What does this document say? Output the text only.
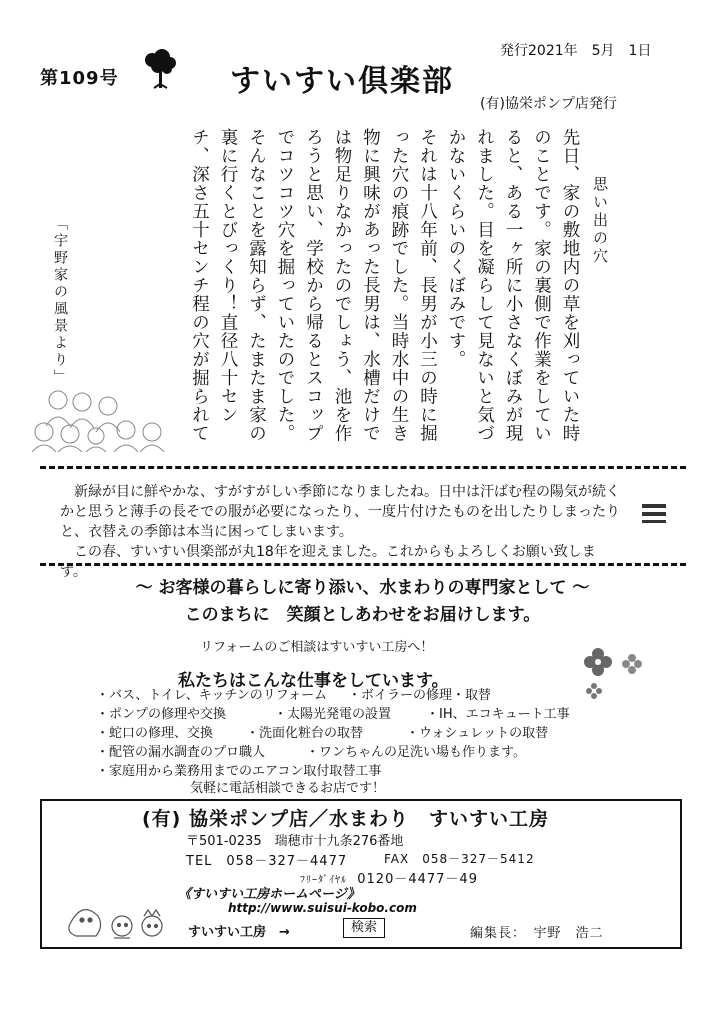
第109号	すいすい倶楽部
発行2021年　5月　1日
(有)協栄ポンプ店発行
思い出の穴

先日、家の敷地内の草を刈っていた時のことです。家の裏側で作業をしていると、ある一ヶ所に小さなくぼみが現れました。目を凝らして見ないと気づかないくらいのくぼみです。

それは十八年前、長男が小三の時に掘った穴の痕跡でした。当時水中の生き物に興味があった長男は、水槽だけでは物足りなかったのでしょう、池を作ろうと思い、学校から帰るとスコップでコツコツ穴を掘っていたのでした。

そんなことを露知らず、たまたま家の裏に行くとびっくり！直径八十センチ、深さ五十センチ程の穴が掘られて

「宇野家の風景より」

新緑が目に鮮やかな、すがすがしい季節になりましたね。日中は汗ばむ程の陽気が続くかと思うと薄手の長そでの服が必要になったり、一度片付けたものを出したりしまったりと、衣替えの季節は本当に困ってしまいます。

この春、すいすい倶楽部が丸18年を迎えました。これからもよろしくお願い致します。

～ お客様の暮らしに寄り添い、水まわりの専門家として ～
このまちに　笑顔としあわせをお届けします。
リフォームのご相談はすいすい工房へ！
私たちはこんな仕事をしています。
・バス、トイレ、キッチンのリフォーム ・ボイラーの修理・取替
・ポンプの修理や交換	・太陽光発電の設置	・IH、エコキュート工事
・蛇口の修理、交換	・洗面化粧台の取替	・ウォシュレットの取替
・配管の漏水調査のプロ職人	・ワンちゃんの足洗い場も作ります。
・家庭用から業務用までのエアコン取付取替工事
気軽に電話相談できるお店です！
(有) 協栄ポンプ店／水まわり　すいすい工房
〒501-0235　瑞穂市十九条276番地
TEL　058－327－4477	FAX　058－327－5412
ﾌﾘｰﾀﾞｲﾔﾙ 0120－4477－49
《すいすい工房ホームページ》
http://www.suisui-kobo.com
すいすい工房　→	検索	編集長：　宇野　浩二
